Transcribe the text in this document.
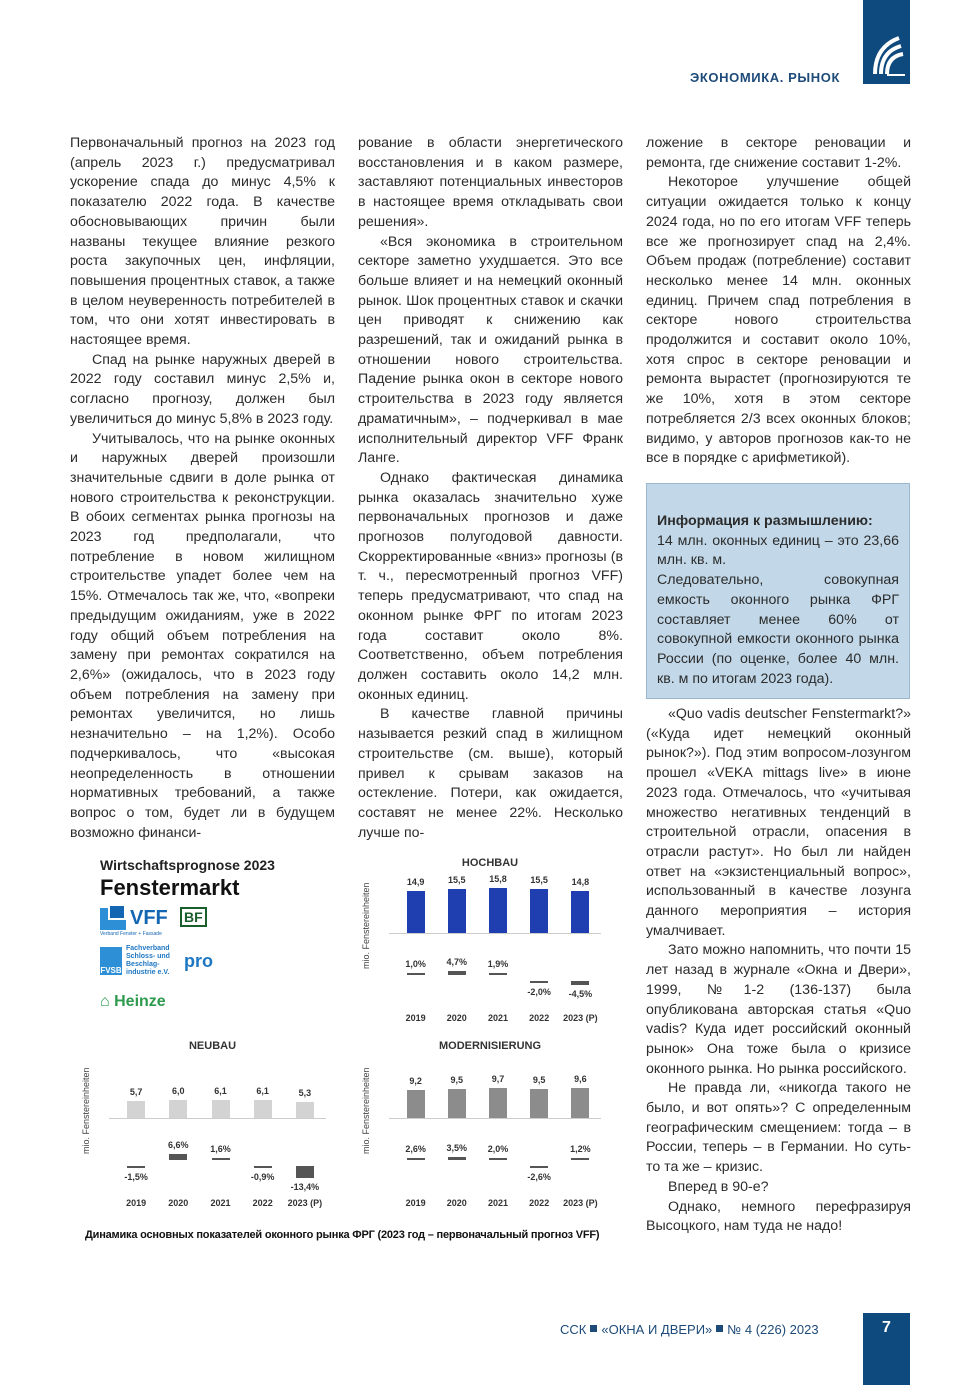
ЭКОНОМИКА. РЫНОК

Первоначальный прогноз на 2023 год (апрель 2023 г.) предусматривал ускорение спада до минус 4,5% к показателю 2022 года. В качестве обосновывающих причин были названы текущее влияние резкого роста закупочных цен, инфляции, повышения процентных ставок, а также в целом неуверенность потребителей в том, что они хотят инвестировать в настоящее время.

Спад на рынке наружных дверей в 2022 году составил минус 2,5% и, согласно прогнозу, должен был увеличиться до минус 5,8% в 2023 году.

Учитывалось, что на рынке оконных и наружных дверей произошли значительные сдвиги в доле рынка от нового строительства к реконструкции. В обоих сегментах рынка прогнозы на 2023 год предполагали, что потребление в новом жилищном строительстве упадет более чем на 15%. Отмечалось так же, что, «вопреки предыдущим ожиданиям, уже в 2022 году общий объем потребления на замену при ремонтах сократился на 2,6%» (ожидалось, что в 2023 году объем потребления на замену при ремонтах увеличится, но лишь незначительно – на 1,2%). Особо подчеркивалось, что «высокая неопределенность в отношении нормативных требований, а также вопрос о том, будет ли в будущем возможно финанси-

рование в области энергетического восстановления и в каком размере, заставляют потенциальных инвесторов в настоящее время откладывать свои решения».

«Вся экономика в строительном секторе заметно ухудшается. Это все больше влияет и на немецкий оконный рынок. Шок процентных ставок и скачки цен приводят к снижению как разрешений, так и ожиданий рынка в отношении нового строительства. Падение рынка окон в секторе нового строительства в 2023 году является драматичным», – подчеркивал в мае исполнительный директор VFF Франк Ланге.

Однако фактическая динамика рынка оказалась значительно хуже первоначальных прогнозов и даже прогнозов полугодовой давности. Скорректированные «вниз» прогнозы (в т. ч., пересмотренный прогноз VFF) теперь предусматривают, что спад на оконном рынке ФРГ по итогам 2023 года составит около 8%. Соответственно, объем потребления должен составить около 14,2 млн. оконных единиц.

В качестве главной причины называется резкий спад в жилищном строительстве (см. выше), который привел к срывам заказов на остекление. Потери, как ожидается, составят не менее 22%. Несколько лучше по-

ложение в секторе реновации и ремонта, где снижение составит 1-2%.

Некоторое улучшение общей ситуации ожидается только к концу 2024 года, но по его итогам VFF теперь все же прогнозирует спад на 2,4%. Объем продаж (потребление) составит несколько менее 14 млн. оконных единиц. Причем спад потребления в секторе нового строительства продолжится и составит около 10%, хотя спрос в секторе реновации и ремонта вырастет (прогнозируются те же 10%, хотя в этом секторе потребляется 2/3 всех оконных блоков; видимо, у авторов прогнозов как-то не все в порядке с арифметикой).

Информация к размышлению:

14 млн. оконных единиц – это 23,66 млн. кв. м.

Следовательно, совокупная емкость оконного рынка ФРГ составляет менее 60% от совокупной емкости оконного рынка России (по оценке, более 40 млн. кв. м по итогам 2023 года).

«Quo vadis deutscher Fenstermarkt?» («Куда идет немецкий оконный рынок?»). Под этим вопросом-лозунгом прошел «VEKA mittags live» в июне 2023 года. Отмечалось, что «учитывая множество негативных тенденций в строительной отрасли, опасения в отрасли растут». Но был ли найден ответ на «экзистенциальный вопрос», использованный в качестве лозунга данного мероприятия – история умалчивает.

Зато можно напомнить, что почти 15 лет назад в журнале «Окна и Двери», 1999, №1-2 (136-137) была опубликована авторская статья «Quo vadis? Куда идет российский оконный рынок» Она тоже была о кризисе оконного рынка. Но рынка российского.

Не правда ли, «никогда такого не было, и вот опять»? С определенным географическим смещением: тогда – в России, теперь – в Германии. Но суть-то та же – кризис.

Вперед в 90-е?

Однако, немного перефразируя Высоцкого, нам туда не надо!

Wirtschaftsprognose 2023
Fenstermarkt
VFF
Verband Fenster + Fassade
BF
FVSB
Fachverband Schloss- und Beschlag-industrie e.V.
pro
⌂ Heinze
HOCHBAU
mio. Fenstereinheiten
14,9
1,0%
2019
15,5
4,7%
2020
15,8
1,9%
2021
15,5
-2,0%
2022
14,8
-4,5%
2023 (P)
NEUBAU
mio. Fenstereinheiten	5,7
-1,5%
2019
6,0
6,6%
2020
6,1
1,6%
2021
6,1
-0,9%
2022
5,3
-13,4%
2023 (P)
MODERNISIERUNG
mio. Fenstereinheiten	9,2
2,6%
2019
9,5
3,5%
2020
9,7
2,0%
2021
9,5
-2,6%
2022
9,6
1,2%
2023 (P)
Динамика основных показателей оконного рынка ФРГ (2023 год – первоначальный прогноз VFF)
ССК «ОКНА И ДВЕРИ» № 4 (226) 2023	7
